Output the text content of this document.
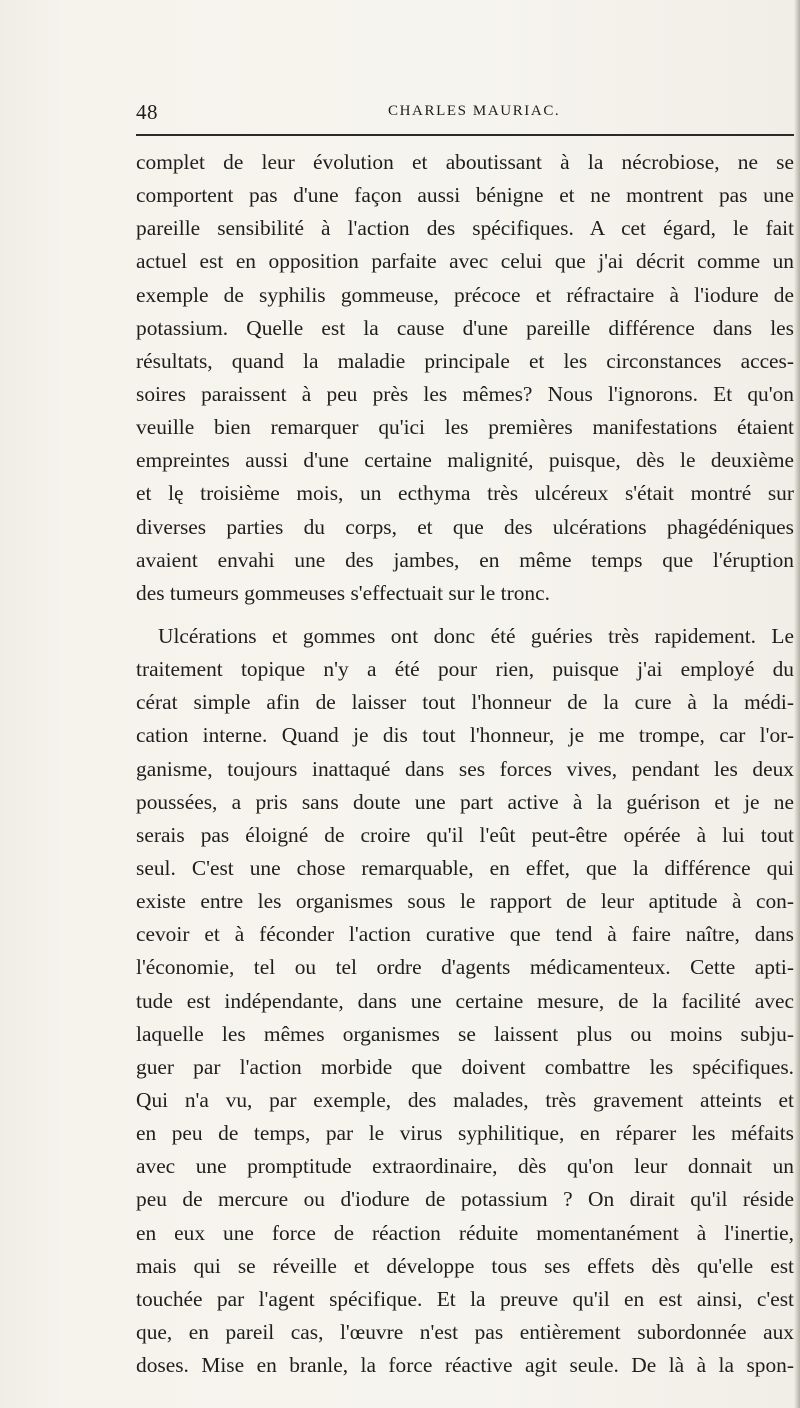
48	CHARLES MAURIAC.
complet de leur évolution et aboutissant à la nécrobiose, ne se
comportent pas d'une façon aussi bénigne et ne montrent pas une
pareille sensibilité à l'action des spécifiques. A cet égard, le fait
actuel est en opposition parfaite avec celui que j'ai décrit comme un
exemple de syphilis gommeuse, précoce et réfractaire à l'iodure de
potassium. Quelle est la cause d'une pareille différence dans les
résultats, quand la maladie principale et les circonstances acces-
soires paraissent à peu près les mêmes? Nous l'ignorons. Et qu'on
veuille bien remarquer qu'ici les premières manifestations étaient
empreintes aussi d'une certaine malignité, puisque, dès le deuxième
et lę troisième mois, un ecthyma très ulcéreux s'était montré sur
diverses parties du corps, et que des ulcérations phagédéniques
avaient envahi une des jambes, en même temps que l'éruption
des tumeurs gommeuses s'effectuait sur le tronc.
Ulcérations et gommes ont donc été guéries très rapidement. Le
traitement topique n'y a été pour rien, puisque j'ai employé du
cérat simple afin de laisser tout l'honneur de la cure à la médi-
cation interne. Quand je dis tout l'honneur, je me trompe, car l'or-
ganisme, toujours inattaqué dans ses forces vives, pendant les deux
poussées, a pris sans doute une part active à la guérison et je ne
serais pas éloigné de croire qu'il l'eût peut-être opérée à lui tout
seul. C'est une chose remarquable, en effet, que la différence qui
existe entre les organismes sous le rapport de leur aptitude à con-
cevoir et à féconder l'action curative que tend à faire naître, dans
l'économie, tel ou tel ordre d'agents médicamenteux. Cette apti-
tude est indépendante, dans une certaine mesure, de la facilité avec
laquelle les mêmes organismes se laissent plus ou moins subju-
guer par l'action morbide que doivent combattre les spécifiques.
Qui n'a vu, par exemple, des malades, très gravement atteints et
en peu de temps, par le virus syphilitique, en réparer les méfaits
avec une promptitude extraordinaire, dès qu'on leur donnait un
peu de mercure ou d'iodure de potassium ? On dirait qu'il réside
en eux une force de réaction réduite momentanément à l'inertie,
mais qui se réveille et développe tous ses effets dès qu'elle est
touchée par l'agent spécifique. Et la preuve qu'il en est ainsi, c'est
que, en pareil cas, l'œuvre n'est pas entièrement subordonnée aux
doses. Mise en branle, la force réactive agit seule. De là à la spon-
